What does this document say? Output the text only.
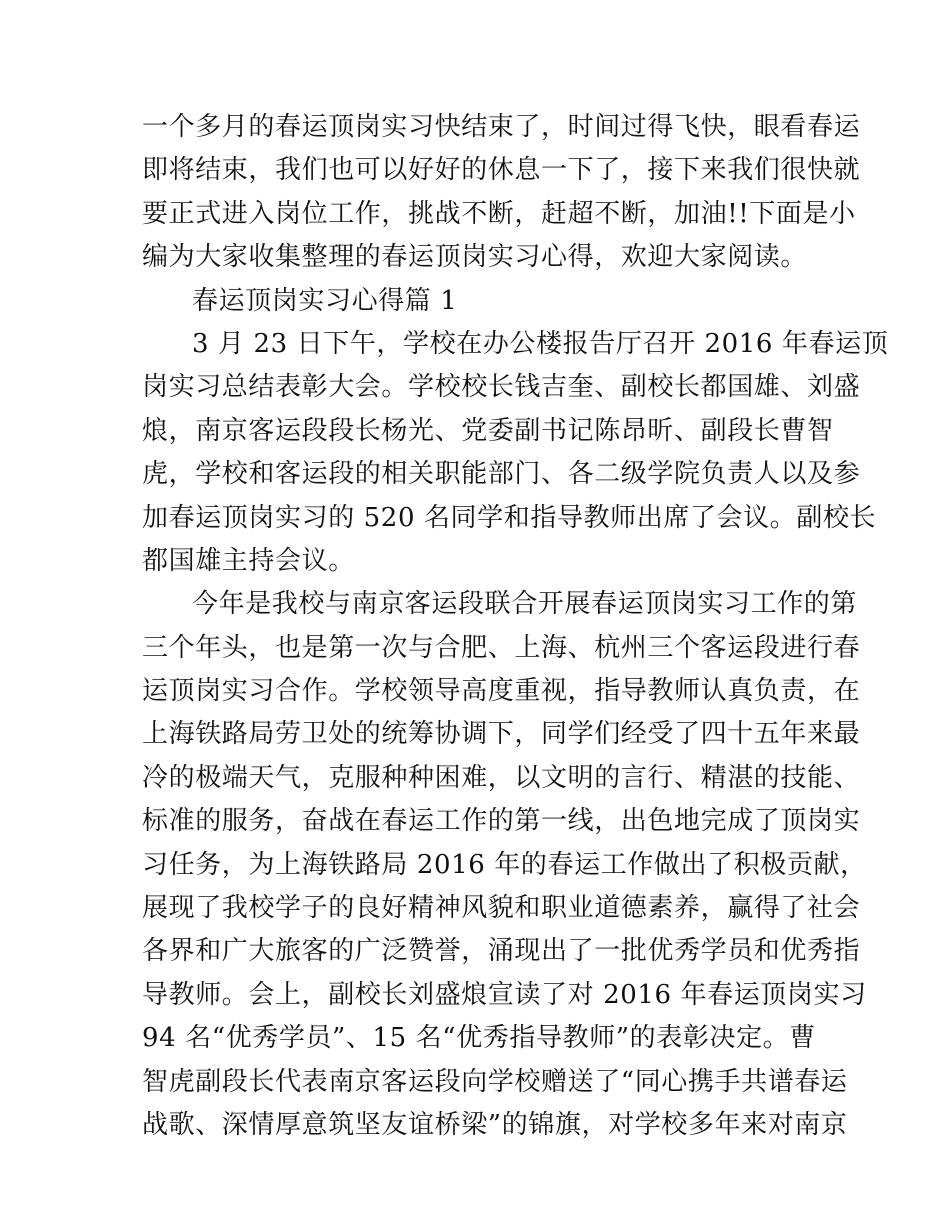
一个多月的春运顶岗实习快结束了，时间过得飞快，眼看春运
即将结束，我们也可以好好的休息一下了，接下来我们很快就
要正式进入岗位工作，挑战不断，赶超不断，加油!!下面是小
编为大家收集整理的春运顶岗实习心得，欢迎大家阅读。
春运顶岗实习心得篇 1
3 月 23 日下午，学校在办公楼报告厅召开 2016 年春运顶
岗实习总结表彰大会。学校校长钱吉奎、副校长都国雄、刘盛
烺，南京客运段段长杨光、党委副书记陈昂昕、副段长曹智
虎，学校和客运段的相关职能部门、各二级学院负责人以及参
加春运顶岗实习的 520 名同学和指导教师出席了会议。副校长
都国雄主持会议。
今年是我校与南京客运段联合开展春运顶岗实习工作的第
三个年头，也是第一次与合肥、上海、杭州三个客运段进行春
运顶岗实习合作。学校领导高度重视，指导教师认真负责，在
上海铁路局劳卫处的统筹协调下，同学们经受了四十五年来最
冷的极端天气，克服种种困难，以文明的言行、精湛的技能、
标准的服务，奋战在春运工作的第一线，出色地完成了顶岗实
习任务，为上海铁路局 2016 年的春运工作做出了积极贡献，
展现了我校学子的良好精神风貌和职业道德素养，赢得了社会
各界和广大旅客的广泛赞誉，涌现出了一批优秀学员和优秀指
导教师。会上，副校长刘盛烺宣读了对 2016 年春运顶岗实习
94 名“优秀学员”、15 名“优秀指导教师”的表彰决定。曹
智虎副段长代表南京客运段向学校赠送了“同心携手共谱春运
战歌、深情厚意筑坚友谊桥梁”的锦旗，对学校多年来对南京
